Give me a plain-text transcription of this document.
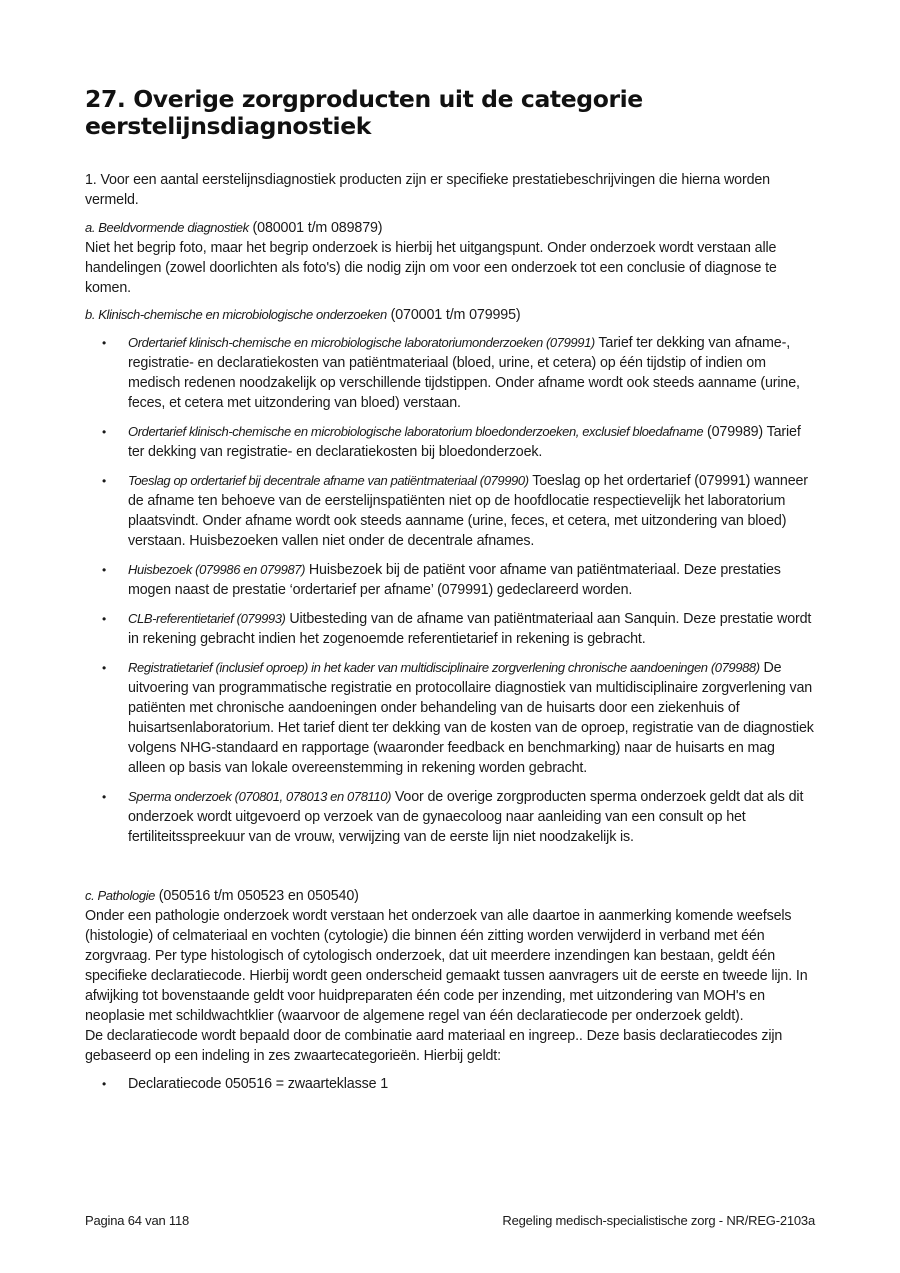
27. Overige zorgproducten uit de categorie eerstelijnsdiagnostiek

1. Voor een aantal eerstelijnsdiagnostiek producten zijn er specifieke prestatiebeschrijvingen die hierna worden vermeld.

a. Beeldvormende diagnostiek (080001 t/m 089879)

Niet het begrip foto, maar het begrip onderzoek is hierbij het uitgangspunt. Onder onderzoek wordt verstaan alle handelingen (zowel doorlichten als foto's) die nodig zijn om voor een onderzoek tot een conclusie of diagnose te komen.

b. Klinisch-chemische en microbiologische onderzoeken (070001 t/m 079995)

• Ordertarief klinisch-chemische en microbiologische laboratoriumonderzoeken (079991) Tarief ter dekking van afname-, registratie- en declaratiekosten van patiëntmateriaal (bloed, urine, et cetera) op één tijdstip of indien om medisch redenen noodzakelijk op verschillende tijdstippen. Onder afname wordt ook steeds aanname (urine, feces, et cetera met uitzondering van bloed) verstaan.
• Ordertarief klinisch-chemische en microbiologische laboratorium bloedonderzoeken, exclusief bloedafname (079989) Tarief ter dekking van registratie- en declaratiekosten bij bloedonderzoek.
• Toeslag op ordertarief bij decentrale afname van patiëntmateriaal (079990) Toeslag op het ordertarief (079991) wanneer de afname ten behoeve van de eerstelijnspatiënten niet op de hoofdlocatie respectievelijk het laboratorium plaatsvindt. Onder afname wordt ook steeds aanname (urine, feces, et cetera, met uitzondering van bloed) verstaan. Huisbezoeken vallen niet onder de decentrale afnames.
• Huisbezoek (079986 en 079987) Huisbezoek bij de patiënt voor afname van patiëntmateriaal. Deze prestaties mogen naast de prestatie ‘ordertarief per afname’ (079991) gedeclareerd worden.
• CLB-referentietarief (079993) Uitbesteding van de afname van patiëntmateriaal aan Sanquin. Deze prestatie wordt in rekening gebracht indien het zogenoemde referentietarief in rekening is gebracht.
• Registratietarief (inclusief oproep) in het kader van multidisciplinaire zorgverlening chronische aandoeningen (079988) De uitvoering van programmatische registratie en protocollaire diagnostiek van multidisciplinaire zorgverlening van patiënten met chronische aandoeningen onder behandeling van de huisarts door een ziekenhuis of huisartsenlaboratorium. Het tarief dient ter dekking van de kosten van de oproep, registratie van de diagnostiek volgens NHG-standaard en rapportage (waaronder feedback en benchmarking) naar de huisarts en mag alleen op basis van lokale overeenstemming in rekening worden gebracht.
• Sperma onderzoek (070801, 078013 en 078110) Voor de overige zorgproducten sperma onderzoek geldt dat als dit onderzoek wordt uitgevoerd op verzoek van de gynaecoloog naar aanleiding van een consult op het fertiliteitsspreekuur van de vrouw, verwijzing van de eerste lijn niet noodzakelijk is.

c. Pathologie (050516 t/m 050523 en 050540)

Onder een pathologie onderzoek wordt verstaan het onderzoek van alle daartoe in aanmerking komende weefsels (histologie) of celmateriaal en vochten (cytologie) die binnen één zitting worden verwijderd in verband met één zorgvraag. Per type histologisch of cytologisch onderzoek, dat uit meerdere inzendingen kan bestaan, geldt één specifieke declaratiecode. Hierbij wordt geen onderscheid gemaakt tussen aanvragers uit de eerste en tweede lijn. In afwijking tot bovenstaande geldt voor huidpreparaten één code per inzending, met uitzondering van MOH's en neoplasie met schildwachtklier (waarvoor de algemene regel van één declaratiecode per onderzoek geldt).

De declaratiecode wordt bepaald door de combinatie aard materiaal en ingreep.. Deze basis declaratiecodes zijn gebaseerd op een indeling in zes zwaartecategorieën. Hierbij geldt:

• Declaratiecode 050516 = zwaarteklasse 1
Pagina 64 van 118	Regeling medisch-specialistische zorg - NR/REG-2103a
